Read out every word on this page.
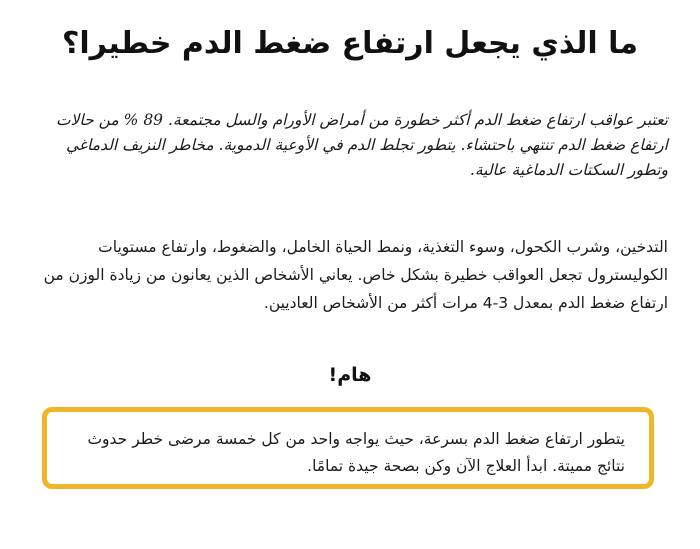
ما الذي يجعل ارتفاع ضغط الدم خطيرا؟

تعتبر عواقب ارتفاع ضغط الدم أكثر خطورة من أمراض الأورام والسل مجتمعة. 89 % من حالات ارتفاع ضغط الدم تنتهي باحتشاء. يتطور تجلط الدم في الأوعية الدموية. مخاطر النزيف الدماغي وتطور السكتات الدماغية عالية.

التدخين، وشرب الكحول، وسوء التغذية، ونمط الحياة الخامل، والضغوط، وارتفاع مستويات الكوليسترول تجعل العواقب خطيرة بشكل خاص. يعاني الأشخاص الذين يعانون من زيادة الوزن من ارتفاع ضغط الدم بمعدل 3-4 مرات أكثر من الأشخاص العاديين.

هام!

يتطور ارتفاع ضغط الدم بسرعة، حيث يواجه واحد من كل خمسة مرضى خطر حدوث نتائج مميتة. ابدأ العلاج الآن وكن بصحة جيدة تمامًا.
